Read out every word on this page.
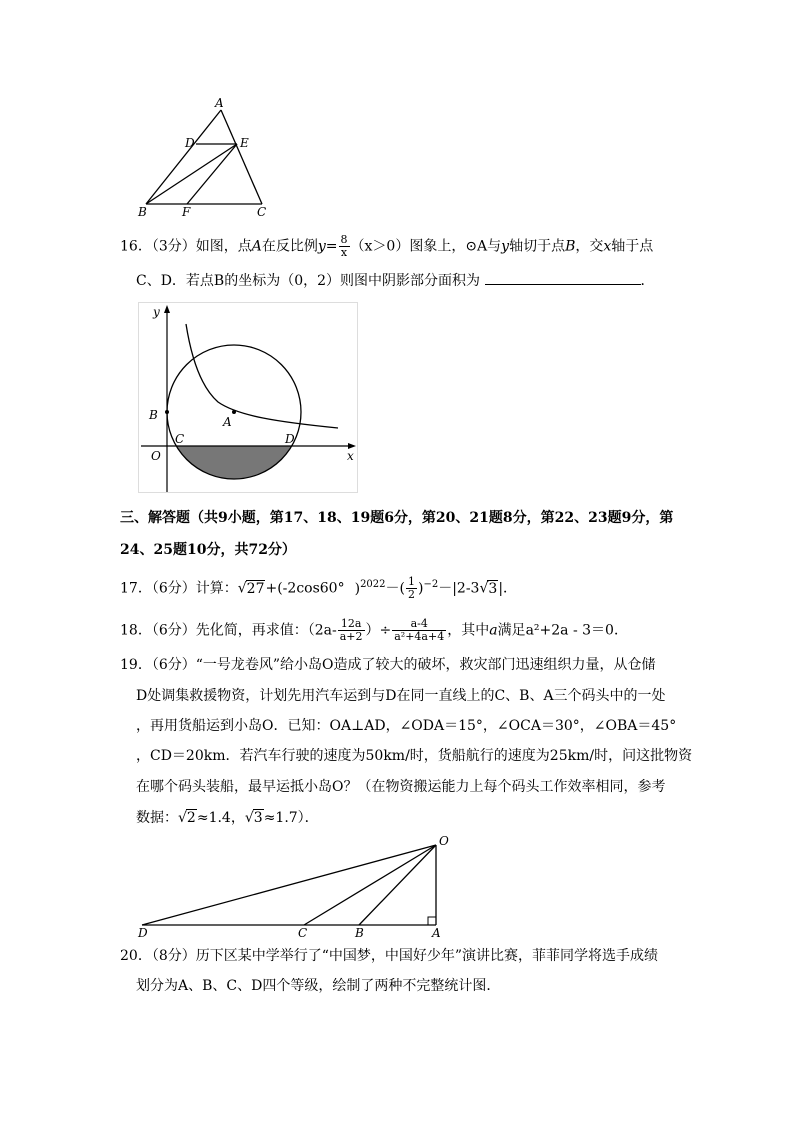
A
D	E
B	F	C
16．（3分）如图，点A在反比例$y= \frac{8}{x} (x>0)$图象上，⊙A与y轴切于点B，交x轴于点
C、D．若点B的坐标为（0，2）则图中阴影部分面积为	．
y
x
O
B	A
C	D
三、解答题（共9小题，第17、18、19题6分，第20、21题8分，第22、23题9分，第
24、25题10分，共72分）
17．（6分）计算：√27+(-2cos60° )$^{2022}-( \frac{1}{2} )^{-2}-|2-3√3|$．
18．（6分）先化简，再求值：（$2a- \frac{12a}{a+2}$ ）÷ $\frac{a-4}{\text{a²+4a+4}}$ ，其中a满足a²+2a - 3＝0．
19．（6分）“一号龙卷风”给小岛O造成了较大的破坏，救灾部门迅速组织力量，从仓储
D处调集救援物资，计划先用汽车运到与D在同一直线上的C、B、A三个码头中的一处
，再用货船运到小岛O．已知：OA⊥AD，∠ODA＝15°，∠OCA＝30°，∠OBA＝45°
，CD＝20km．若汽车行驶的速度为50km/时，货船航行的速度为25km/时，问这批物资
在哪个码头装船，最早运抵小岛O？（在物资搬运能力上每个码头工作效率相同，参考
数据：√2≈1.4，√3≈1.7）．
O
D	C	B	A
20．（8分）历下区某中学举行了“中国梦，中国好少年”演讲比赛，菲菲同学将选手成绩
划分为A、B、C、D四个等级，绘制了两种不完整统计图．
